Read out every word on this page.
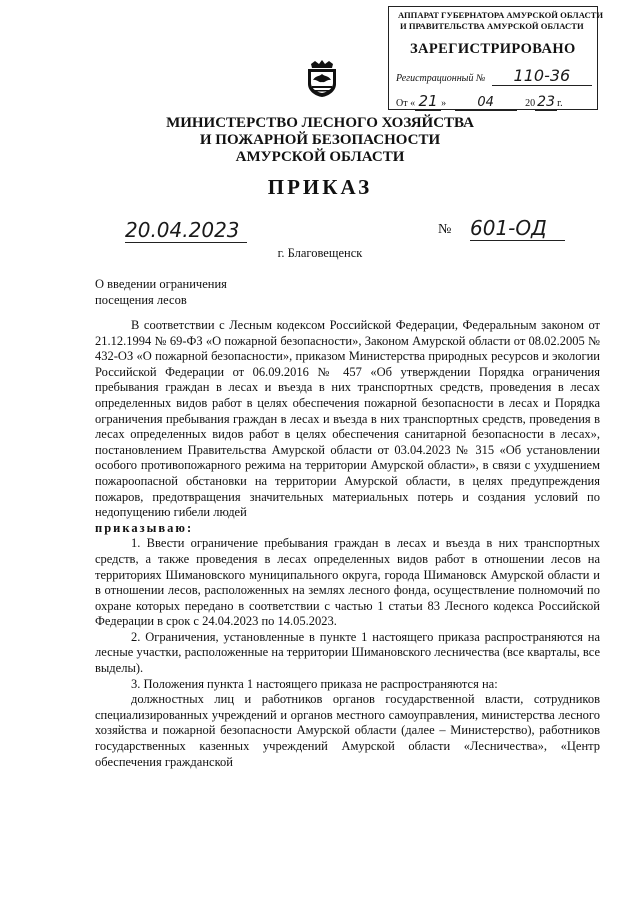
АППАРАТ ГУБЕРНАТОРА АМУРСКОЙ ОБЛАСТИ
И ПРАВИТЕЛЬСТВА АМУРСКОЙ ОБЛАСТИ
ЗАРЕГИСТРИРОВАНО
Регистрационный № 110-36
От « 21 » 04	20 23 г.
МИНИСТЕРСТВО ЛЕСНОГО ХОЗЯЙСТВА
И ПОЖАРНОЙ БЕЗОПАСНОСТИ
АМУРСКОЙ ОБЛАСТИ
ПРИКАЗ
20.04.2023	№ 601-ОД
г. Благовещенск
О введении ограничения
посещения лесов

В соответствии с Лесным кодексом Российской Федерации, Федеральным законом от 21.12.1994 № 69-ФЗ «О пожарной безопасности», Законом Амурской области от 08.02.2005 № 432-ОЗ «О пожарной безопасности», приказом Министерства природных ресурсов и экологии Российской Федерации от 06.09.2016 № 457 «Об утверждении Порядка ограничения пребывания граждан в лесах и въезда в них транспортных средств, проведения в лесах определенных видов работ в целях обеспечения пожарной безопасности в лесах и Порядка ограничения пребывания граждан в лесах и въезда в них транспортных средств, проведения в лесах определенных видов работ в целях обеспечения санитарной безопасности в лесах», постановлением Правительства Амурской области от 03.04.2023 № 315 «Об установлении особого противопожарного режима на территории Амурской области», в связи с ухудшением пожароопасной обстановки на территории Амурской области, в целях предупреждения пожаров, предотвращения значительных материальных потерь и создания условий по недопущению гибели людей

приказываю:

1. Ввести ограничение пребывания граждан в лесах и въезда в них транспортных средств, а также проведения в лесах определенных видов работ в отношении лесов на территориях Шимановского муниципального округа, города Шимановск Амурской области и в отношении лесов, расположенных на землях лесного фонда, осуществление полномочий по охране которых передано в соответствии с частью 1 статьи 83 Лесного кодекса Российской Федерации в срок с 24.04.2023 по 14.05.2023.

2. Ограничения, установленные в пункте 1 настоящего приказа распространяются на лесные участки, расположенные на территории Шимановского лесничества (все кварталы, все выделы).

3. Положения пункта 1 настоящего приказа не распространяются на:

должностных лиц и работников органов государственной власти, сотрудников специализированных учреждений и органов местного самоуправления, министерства лесного хозяйства и пожарной безопасности Амурской области (далее – Министерство), работников государственных казенных учреждений Амурской области «Лесничества», «Центр обеспечения гражданской
